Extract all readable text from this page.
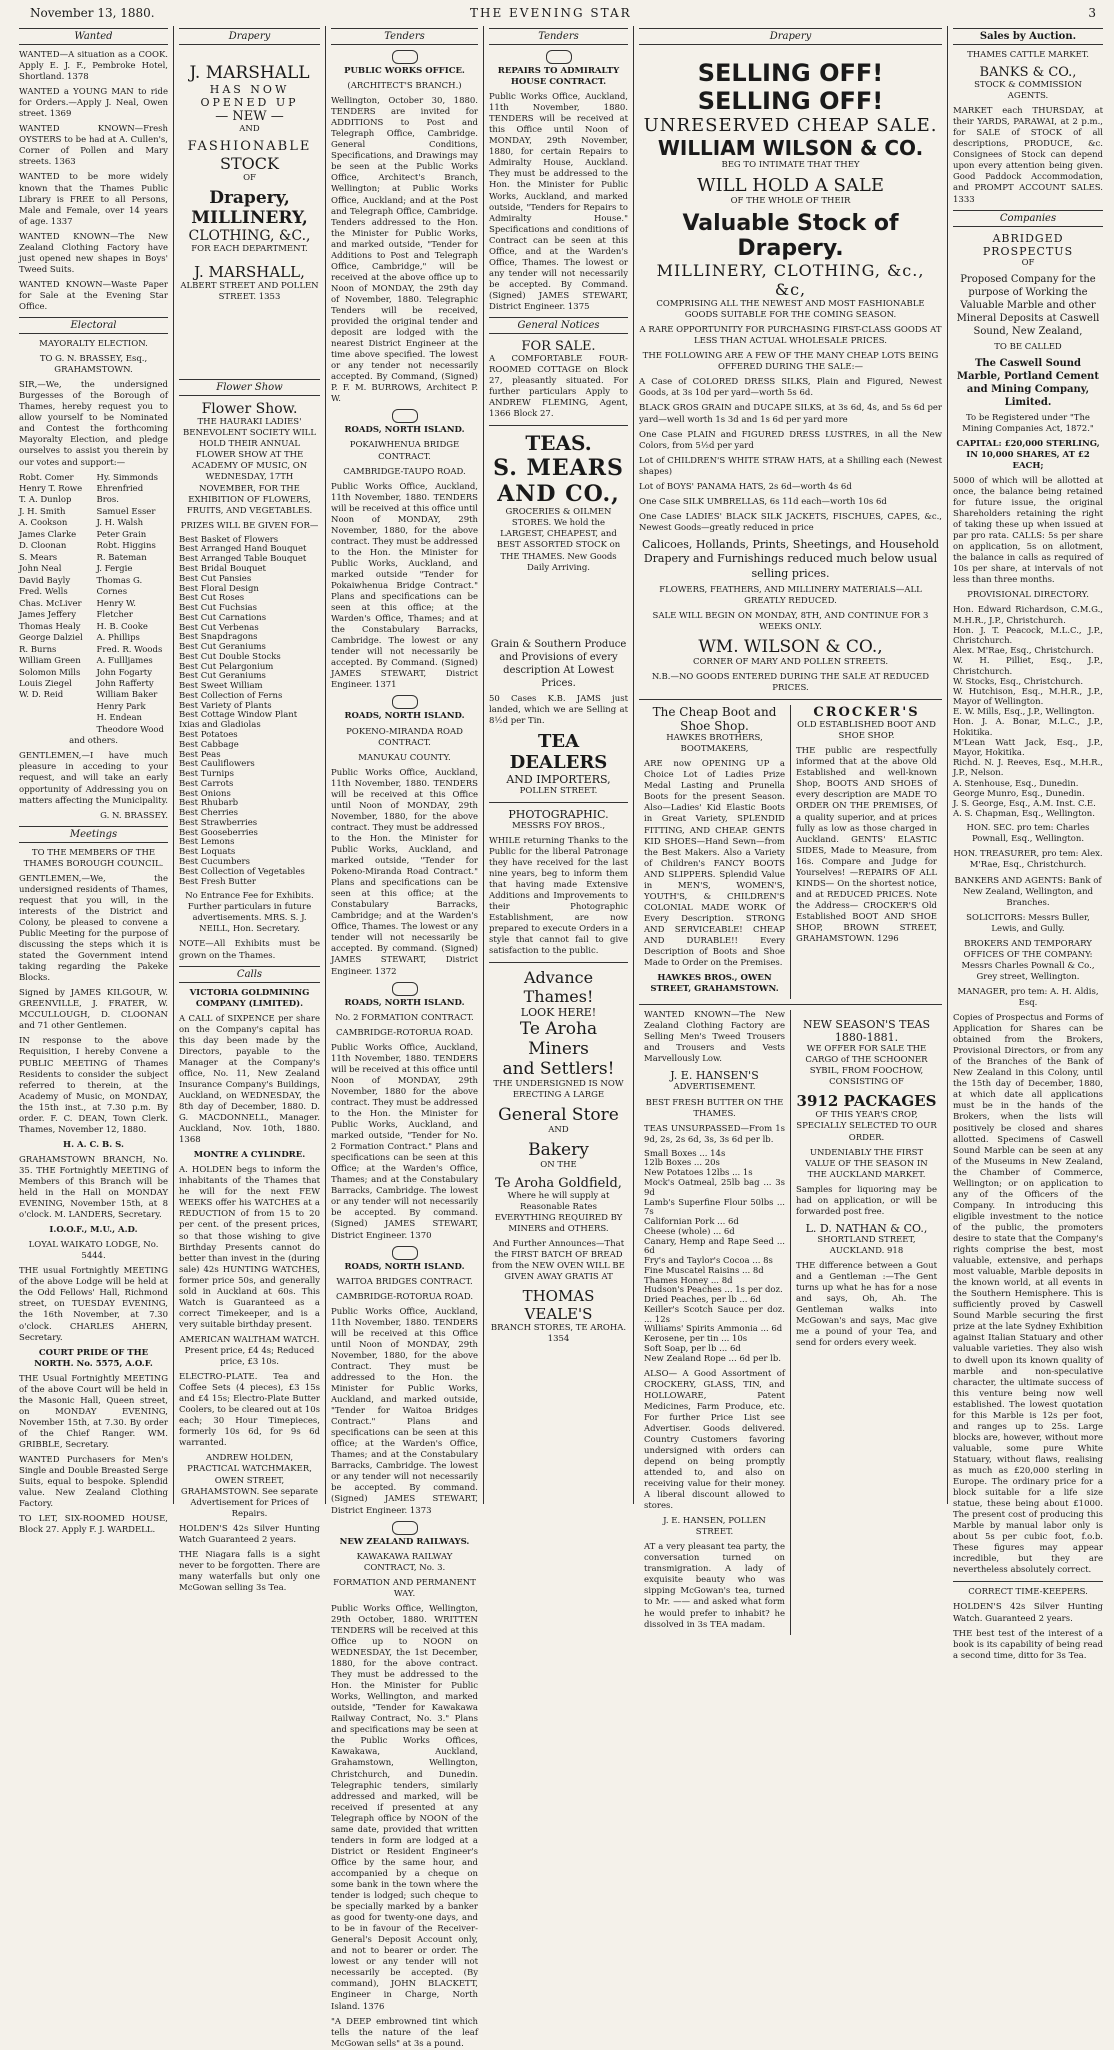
November 13, 1880.	THE EVENING STAR	3
Wanted

WANTED—A situation as a COOK. Apply E. J. F., Pembroke Hotel, Shortland. 1378

WANTED a YOUNG MAN to ride for Orders.—Apply J. Neal, Owen street. 1369

WANTED KNOWN—Fresh OYSTERS to be had at A. Cullen's, Corner of Pollen and Mary streets. 1363

WANTED to be more widely known that the Thames Public Library is FREE to all Persons, Male and Female, over 14 years of age. 1337

WANTED KNOWN—The New Zealand Clothing Factory have just opened new shapes in Boys' Tweed Suits.

WANTED KNOWN—Waste Paper for Sale at the Evening Star Office.

Electoral

MAYORALTY ELECTION.

TO G. N. BRASSEY, Esq., GRAHAMSTOWN.

SIR,—We, the undersigned Burgesses of the Borough of Thames, hereby request you to allow yourself to be Nominated and Contest the forthcoming Mayoralty Election, and pledge ourselves to assist you therein by our votes and support:—

Robt. Comer
Henry T. Rowe
T. A. Dunlop
J. H. Smith
A. Cookson
James Clarke
D. Cloonan
S. Mears
John Neal
David Bayly
Fred. Wells
Chas. McLiver
James Jeffery
Thomas Healy
George Dalziel
R. Burns
William Green
Solomon Mills
Louis Ziegel
W. D. Reid
Hy. Simmonds
Ehrenfried Bros.
Samuel Esser
J. H. Walsh
Peter Grain
Robt. Higgins
R. Bateman
J. Fergie
Thomas G. Cornes
Henry W. Fletcher
H. B. Cooke
A. Phillips
Fred. R. Woods
A. Fullljames
John Fogarty
John Rafferty
William Baker
Henry Park
H. Endean
Theodore Wood

and others.

GENTLEMEN,—I have much pleasure in acceding to your request, and will take an early opportunity of Addressing you on matters affecting the Municipality.

G. N. BRASSEY.

Meetings

TO THE MEMBERS OF THE THAMES BOROUGH COUNCIL.

GENTLEMEN,—We, the undersigned residents of Thames, request that you will, in the interests of the District and Colony, be pleased to convene a Public Meeting for the purpose of discussing the steps which it is stated the Government intend taking regarding the Pakeke Blocks.

Signed by JAMES KILGOUR, W. GREENVILLE, J. FRATER, W. MCCULLOUGH, D. CLOONAN and 71 other Gentlemen.

IN response to the above Requisition, I hereby Convene a PUBLIC MEETING of Thames Residents to consider the subject referred to therein, at the Academy of Music, on MONDAY, the 15th inst., at 7.30 p.m. By order. F. C. DEAN, Town Clerk. Thames, November 12, 1880.

H. A. C. B. S.

GRAHAMSTOWN BRANCH, No. 35. THE Fortnightly MEETING of Members of this Branch will be held in the Hall on MONDAY EVENING, November 15th, at 8 o'clock. M. LANDERS, Secretary.

I.O.O.F., M.U., A.D.

LOYAL WAIKATO LODGE, No. 5444.

THE usual Fortnightly MEETING of the above Lodge will be held at the Odd Fellows' Hall, Richmond street, on TUESDAY EVENING, the 16th November, at 7.30 o'clock. CHARLES AHERN, Secretary.

COURT PRIDE OF THE NORTH. No. 5575, A.O.F.

THE Usual Fortnightly MEETING of the above Court will be held in the Masonic Hall, Queen street, on MONDAY EVENING, November 15th, at 7.30. By order of the Chief Ranger. WM. GRIBBLE, Secretary.

WANTED Purchasers for Men's Single and Double Breasted Serge Suits, equal to bespoke. Splendid value. New Zealand Clothing Factory.

TO LET, SIX-ROOMED HOUSE, Block 27. Apply F. J. WARDELL.

Drapery
J. MARSHALL
HAS NOW OPENED UP
— NEW —
AND
FASHIONABLE
STOCK
OF
Drapery,
MILLINERY,
CLOTHING, &C.,
FOR EACH DEPARTMENT.
J. MARSHALL,

ALBERT STREET AND POLLEN STREET. 1353

Flower Show
Flower Show.

THE HAURAKI LADIES' BENEVOLENT SOCIETY WILL HOLD THEIR ANNUAL FLOWER SHOW AT THE ACADEMY OF MUSIC, ON WEDNESDAY, 17TH NOVEMBER, FOR THE EXHIBITION OF FLOWERS, FRUITS, AND VEGETABLES.

PRIZES WILL BE GIVEN FOR—

Best Basket of Flowers
Best Arranged Hand Bouquet
Best Arranged Table Bouquet
Best Bridal Bouquet
Best Cut Pansies
Best Floral Design
Best Cut Roses
Best Cut Fuchsias
Best Cut Carnations
Best Cut Verbenas
Best Snapdragons
Best Cut Geraniums
Best Cut Double Stocks
Best Cut Pelargonium
Best Cut Geraniums
Best Sweet William
Best Collection of Ferns
Best Variety of Plants
Best Cottage Window Plant
Ixias and Gladiolas
Best Potatoes
Best Cabbage
Best Peas
Best Cauliflowers
Best Turnips
Best Carrots
Best Onions
Best Rhubarb
Best Cherries
Best Strawberries
Best Gooseberries
Best Lemons
Best Loquats
Best Cucumbers
Best Collection of Vegetables
Best Fresh Butter

No Entrance Fee for Exhibits. Further particulars in future advertisements. MRS. S. J. NEILL, Hon. Secretary.

NOTE—All Exhibits must be grown on the Thames.

Calls

VICTORIA GOLDMINING COMPANY (LIMITED).

A CALL of SIXPENCE per share on the Company's capital has this day been made by the Directors, payable to the Manager at the Company's office, No. 11, New Zealand Insurance Company's Buildings, Auckland, on WEDNESDAY, the 8th day of December, 1880. D. G. MACDONNELL, Manager. Auckland, Nov. 10th, 1880. 1368

MONTRE A CYLINDRE.

A. HOLDEN begs to inform the inhabitants of the Thames that he will for the next FEW WEEKS offer his WATCHES at a REDUCTION of from 15 to 20 per cent. of the present prices, so that those wishing to give Birthday Presents cannot do better than invest in the (during sale) 42s HUNTING WATCHES, former price 50s, and generally sold in Auckland at 60s. This Watch is Guaranteed as a correct Timekeeper, and is a very suitable birthday present.

AMERICAN WALTHAM WATCH. Present price, £4 4s; Reduced price, £3 10s.

ELECTRO-PLATE. Tea and Coffee Sets (4 pieces), £3 15s and £4 15s; Electro-Plate Butter Coolers, to be cleared out at 10s each; 30 Hour Timepieces, formerly 10s 6d, for 9s 6d warranted.

ANDREW HOLDEN, PRACTICAL WATCHMAKER, OWEN STREET, GRAHAMSTOWN. See separate Advertisement for Prices of Repairs.

HOLDEN'S 42s Silver Hunting Watch Guaranteed 2 years.

THE Niagara falls is a sight never to be forgotten. There are many waterfalls but only one McGowan selling 3s Tea.

Tenders

PUBLIC WORKS OFFICE.

(ARCHITECT'S BRANCH.)

Wellington, October 30, 1880. TENDERS are invited for ADDITIONS to Post and Telegraph Office, Cambridge. General Conditions, Specifications, and Drawings may be seen at the Public Works Office, Architect's Branch, Wellington; at Public Works Office, Auckland; and at the Post and Telegraph Office, Cambridge. Tenders addressed to the Hon. the Minister for Public Works, and marked outside, "Tender for Additions to Post and Telegraph Office, Cambridge," will be received at the above office up to Noon of MONDAY, the 29th day of November, 1880. Telegraphic Tenders will be received, provided the original tender and deposit are lodged with the nearest District Engineer at the time above specified. The lowest or any tender not necessarily accepted. By Command, (Signed) P. F. M. BURROWS, Architect P. W.

ROADS, NORTH ISLAND.

POKAIWHENUA BRIDGE CONTRACT.

CAMBRIDGE-TAUPO ROAD.

Public Works Office, Auckland, 11th November, 1880. TENDERS will be received at this office until Noon of MONDAY, 29th November, 1880, for the above contract. They must be addressed to the Hon. the Minister for Public Works, Auckland, and marked outside "Tender for Pokaiwhenua Bridge Contract." Plans and specifications can be seen at this office; at the Warden's Office, Thames; and at the Constabulary Barracks, Cambridge. The lowest or any tender will not necessarily be accepted. By Command. (Signed) JAMES STEWART, District Engineer. 1371

ROADS, NORTH ISLAND.

POKENO-MIRANDA ROAD CONTRACT.

MANUKAU COUNTY.

Public Works Office, Auckland, 11th November, 1880. TENDERS will be received at this Office until Noon of MONDAY, 29th November, 1880, for the above contract. They must be addressed to the Hon. the Minister for Public Works, Auckland, and marked outside, "Tender for Pokeno-Miranda Road Contract." Plans and specifications can be seen at this office; at the Constabulary Barracks, Cambridge; and at the Warden's Office, Thames. The lowest or any tender will not necessarily be accepted. By command. (Signed) JAMES STEWART, District Engineer. 1372

ROADS, NORTH ISLAND.

No. 2 FORMATION CONTRACT.

CAMBRIDGE-ROTORUA ROAD.

Public Works Office, Auckland, 11th November, 1880. TENDERS will be received at this office until Noon of MONDAY, 29th November, 1880 for the above contract. They must be addressed to the Hon. the Minister for Public Works, Auckland, and marked outside, "Tender for No. 2 Formation Contract." Plans and specifications can be seen at this Office; at the Warden's Office, Thames; and at the Constabulary Barracks, Cambridge. The lowest or any tender will not necessarily be accepted. By command. (Signed) JAMES STEWART, District Engineer. 1370

ROADS, NORTH ISLAND.

WAITOA BRIDGES CONTRACT.

CAMBRIDGE-ROTORUA ROAD.

Public Works Office, Auckland, 11th November, 1880. TENDERS will be received at this Office until Noon of MONDAY, 29th November, 1880, for the above Contract. They must be addressed to the Hon. the Minister for Public Works, Auckland, and marked outside, "Tender for Waitoa Bridges Contract." Plans and specifications can be seen at this office; at the Warden's Office, Thames; and at the Constabulary Barracks, Cambridge. The lowest or any tender will not necessarily be accepted. By command. (Signed) JAMES STEWART, District Engineer. 1373

NEW ZEALAND RAILWAYS.

KAWAKAWA RAILWAY CONTRACT, No. 3.

FORMATION AND PERMANENT WAY.

Public Works Office, Wellington, 29th October, 1880. WRITTEN TENDERS will be received at this Office up to NOON on WEDNESDAY, the 1st December, 1880, for the above contract. They must be addressed to the Hon. the Minister for Public Works, Wellington, and marked outside, "Tender for Kawakawa Railway Contract, No. 3." Plans and specifications may be seen at the Public Works Offices, Kawakawa, Auckland, Grahamstown, Wellington, Christchurch, and Dunedin. Telegraphic tenders, similarly addressed and marked, will be received if presented at any Telegraph office by NOON of the same date, provided that written tenders in form are lodged at a District or Resident Engineer's Office by the same hour, and accompanied by a cheque on some bank in the town where the tender is lodged; such cheque to be specially marked by a banker as good for twenty-one days, and to be in favour of the Receiver-General's Deposit Account only, and not to bearer or order. The lowest or any tender will not necessarily be accepted. (By command), JOHN BLACKETT, Engineer in Charge, North Island. 1376

"A DEEP embrowned tint which tells the nature of the leaf McGowan sells" at 3s a pound.

Tenders

REPAIRS TO ADMIRALTY HOUSE CONTRACT.

Public Works Office, Auckland, 11th November, 1880. TENDERS will be received at this Office until Noon of MONDAY, 29th November, 1880, for certain Repairs to Admiralty House, Auckland. They must be addressed to the Hon. the Minister for Public Works, Auckland, and marked outside, "Tenders for Repairs to Admiralty House." Specifications and conditions of Contract can be seen at this Office, and at the Warden's Office, Thames. The lowest or any tender will not necessarily be accepted. By Command. (Signed) JAMES STEWART, District Engineer. 1375

General Notices
FOR SALE.

A COMFORTABLE FOUR-ROOMED COTTAGE on Block 27, pleasantly situated. For further particulars Apply to ANDREW FLEMING, Agent, 1366 Block 27.

TEAS.
S. MEARS AND CO.,

GROCERIES & OILMEN STORES. We hold the LARGEST, CHEAPEST, and BEST ASSORTED STOCK on THE THAMES. New Goods Daily Arriving.

Grain & Southern Produce and Provisions of every description At Lowest Prices.

50 Cases K.B. JAMS just landed, which we are Selling at 8½d per Tin.

TEA DEALERS
AND IMPORTERS,

POLLEN STREET.

PHOTOGRAPHIC.

MESSRS FOY BROS.,

WHILE returning Thanks to the Public for the liberal Patronage they have received for the last nine years, beg to inform them that having made Extensive Additions and Improvements to their Photographic Establishment, are now prepared to execute Orders in a style that cannot fail to give satisfaction to the public.

Advance Thames!
LOOK HERE!
Te Aroha
Miners
and Settlers!

THE UNDERSIGNED IS NOW ERECTING A LARGE

General Store
AND
Bakery
ON THE
Te Aroha Goldfield,

Where he will supply at Reasonable Rates EVERYTHING REQUIRED BY MINERS and OTHERS.

And Further Announces—That the FIRST BATCH OF BREAD from the NEW OVEN WILL BE GIVEN AWAY GRATIS AT

THOMAS VEALE'S

BRANCH STORES, TE AROHA. 1354

Drapery
SELLING OFF! SELLING OFF!
UNRESERVED CHEAP SALE.
WILLIAM WILSON & CO.

BEG TO INTIMATE THAT THEY

WILL HOLD A SALE

OF THE WHOLE OF THEIR

Valuable Stock of Drapery.
MILLINERY, CLOTHING, &c., &c,

COMPRISING ALL THE NEWEST AND MOST FASHIONABLE GOODS SUITABLE FOR THE COMING SEASON.

A RARE OPPORTUNITY FOR PURCHASING FIRST-CLASS GOODS AT LESS THAN ACTUAL WHOLESALE PRICES.

THE FOLLOWING ARE A FEW OF THE MANY CHEAP LOTS BEING OFFERED DURING THE SALE:—

A Case of COLORED DRESS SILKS, Plain and Figured, Newest Goods, at 3s 10d per yard—worth 5s 6d.

BLACK GROS GRAIN and DUCAPE SILKS, at 3s 6d, 4s, and 5s 6d per yard—well worth 1s 3d and 1s 6d per yard more

One Case PLAIN and FIGURED DRESS LUSTRES, in all the New Colors, from 5½d per yard

Lot of CHILDREN'S WHITE STRAW HATS, at a Shilling each (Newest shapes)

Lot of BOYS' PANAMA HATS, 2s 6d—worth 4s 6d

One Case SILK UMBRELLAS, 6s 11d each—worth 10s 6d

One Case LADIES' BLACK SILK JACKETS, FISCHUES, CAPES, &c., Newest Goods—greatly reduced in price

Calicoes, Hollands, Prints, Sheetings, and Household Drapery and Furnishings reduced much below usual selling prices.

FLOWERS, FEATHERS, AND MILLINERY MATERIALS—ALL GREATLY REDUCED.

SALE WILL BEGIN ON MONDAY, 8TH, AND CONTINUE FOR 3 WEEKS ONLY.

WM. WILSON & CO.,

CORNER OF MARY AND POLLEN STREETS.

N.B.—NO GOODS ENTERED DURING THE SALE AT REDUCED PRICES.

The Cheap Boot and Shoe Shop.

HAWKES BROTHERS, BOOTMAKERS,

ARE now OPENING UP a Choice Lot of Ladies Prize Medal Lasting and Prunella Boots for the present Season. Also—Ladies' Kid Elastic Boots in Great Variety, SPLENDID FITTING, AND CHEAP. GENTS KID SHOES—Hand Sewn—from the Best Makers. Also a Variety of Children's FANCY BOOTS AND SLIPPERS. Splendid Value in MEN'S, WOMEN'S, YOUTH'S, & CHILDREN'S COLONIAL MADE WORK Of Every Description. STRONG AND SERVICEABLE! CHEAP AND DURABLE!! Every Description of Boots and Shoe Made to Order on the Premises.

HAWKES BROS., OWEN STREET, GRAHAMSTOWN.

CROCKER'S

OLD ESTABLISHED BOOT AND SHOE SHOP.

THE public are respectfully informed that at the above Old Established and well-known Shop, BOOTS AND SHOES of every description are MADE TO ORDER ON THE PREMISES, Of a quality superior, and at prices fully as low as those charged in Auckland. GENTS' ELASTIC SIDES, Made to Measure, from 16s. Compare and Judge for Yourselves! —REPAIRS OF ALL KINDS— On the shortest notice, and at REDUCED PRICES. Note the Address— CROCKER'S Old Established BOOT AND SHOE SHOP, BROWN STREET, GRAHAMSTOWN. 1296

WANTED KNOWN—The New Zealand Clothing Factory are Selling Men's Tweed Trousers and Trousers and Vests Marvellously Low.

J. E. HANSEN'S

ADVERTISEMENT.

BEST FRESH BUTTER ON THE THAMES.

TEAS UNSURPASSED—From 1s 9d, 2s, 2s 6d, 3s, 3s 6d per lb.

Small Boxes ... 14s
12lb Boxes ... 20s
New Potatoes 12lbs ... 1s
Mock's Oatmeal, 25lb bag ... 3s 9d
Lamb's Superfine Flour 50lbs ... 7s
Californian Pork ... 6d
Cheese (whole) ... 6d
Canary, Hemp and Rape Seed ... 6d
Fry's and Taylor's Cocoa ... 8s
Fine Muscatel Raisins ... 8d
Thames Honey ... 8d
Hudson's Peaches ... 1s per doz.
Dried Peaches, per lb ... 6d
Keiller's Scotch Sauce per doz. ... 12s
Williams' Spirits Ammonia ... 6d
Kerosene, per tin ... 10s
Soft Soap, per lb ... 6d
New Zealand Rope ... 6d per lb.

ALSO— A Good Assortment of CROCKERY, GLASS, TIN, and HOLLOWARE, Patent Medicines, Farm Produce, etc. For further Price List see Advertiser. Goods delivered. Country Customers favoring undersigned with orders can depend on being promptly attended to, and also on receiving value for their money. A liberal discount allowed to stores.

J. E. HANSEN, POLLEN STREET.

AT a very pleasant tea party, the conversation turned on transmigration. A lady of exquisite beauty who was sipping McGowan's tea, turned to Mr. —— and asked what form he would prefer to inhabit? he dissolved in 3s TEA madam.

NEW SEASON'S TEAS
1880-1881.

WE OFFER FOR SALE THE CARGO of THE SCHOONER SYBIL, FROM FOOCHOW, CONSISTING OF

3912 PACKAGES

OF THIS YEAR'S CROP, SPECIALLY SELECTED TO OUR ORDER.

UNDENIABLY THE FIRST VALUE OF THE SEASON IN THE AUCKLAND MARKET.

Samples for liquoring may be had on application, or will be forwarded post free.

L. D. NATHAN & CO.,

SHORTLAND STREET, AUCKLAND. 918

THE difference between a Gout and a Gentleman :—The Gent turns up what he has for a nose and says, Oh, Ah. The Gentleman walks into McGowan's and says, Mac give me a pound of your Tea, and send for orders every week.

Sales by Auction.

THAMES CATTLE MARKET.

BANKS & CO.,

STOCK & COMMISSION AGENTS.

MARKET each THURSDAY, at their YARDS, PARAWAI, at 2 p.m., for SALE of STOCK of all descriptions, PRODUCE, &c. Consignees of Stock can depend upon every attention being given. Good Paddock Accommodation, and PROMPT ACCOUNT SALES. 1333

Companies
ABRIDGED PROSPECTUS

OF

Proposed Company for the purpose of Working the Valuable Marble and other Mineral Deposits at Caswell Sound, New Zealand,

TO BE CALLED

The Caswell Sound Marble, Portland Cement and Mining Company, Limited.

To be Registered under "The Mining Companies Act, 1872."

CAPITAL: £20,000 STERLING, IN 10,000 SHARES, AT £2 EACH;

5000 of which will be allotted at once, the balance being retained for future issue, the original Shareholders retaining the right of taking these up when issued at par pro rata. CALLS: 5s per share on application, 5s on allotment, the balance in calls as required of 10s per share, at intervals of not less than three months.

PROVISIONAL DIRECTORY.

Hon. Edward Richardson, C.M.G., M.H.R., J.P., Christchurch.
Hon. J. T. Peacock, M.L.C., J.P., Christchurch.
Alex. M'Rae, Esq., Christchurch.
W. H. Pilliet, Esq., J.P., Christchurch.
W. Stocks, Esq., Christchurch.
W. Hutchison, Esq., M.H.R., J.P., Mayor of Wellington.
E. W. Mills, Esq., J.P., Wellington.
Hon. J. A. Bonar, M.L.C., J.P., Hokitika.
M'Lean Watt Jack, Esq., J.P., Mayor, Hokitika.
Richd. N. J. Reeves, Esq., M.H.R., J.P., Nelson.
A. Stenhouse, Esq., Dunedin.
George Munro, Esq., Dunedin.
J. S. George, Esq., A.M. Inst. C.E.
A. S. Chapman, Esq., Wellington.

HON. SEC. pro tem: Charles Pownall, Esq., Wellington.

HON. TREASURER, pro tem: Alex. M'Rae, Esq., Christchurch.

BANKERS AND AGENTS: Bank of New Zealand, Wellington, and Branches.

SOLICITORS: Messrs Buller, Lewis, and Gully.

BROKERS AND TEMPORARY OFFICES OF THE COMPANY: Messrs Charles Pownall & Co., Grey street, Wellington.

MANAGER, pro tem: A. H. Aldis, Esq.

Copies of Prospectus and Forms of Application for Shares can be obtained from the Brokers, Provisional Directors, or from any of the Branches of the Bank of New Zealand in this Colony, until the 15th day of December, 1880, at which date all applications must be in the hands of the Brokers, when the lists will positively be closed and shares allotted. Specimens of Caswell Sound Marble can be seen at any of the Museums in New Zealand, the Chamber of Commerce, Wellington; or on application to any of the Officers of the Company. In introducing this eligible investment to the notice of the public, the promoters desire to state that the Company's rights comprise the best, most valuable, extensive, and perhaps most valuable, Marble deposits in the known world, at all events in the Southern Hemisphere. This is sufficiently proved by Caswell Sound Marble securing the first prize at the late Sydney Exhibition against Italian Statuary and other valuable varieties. They also wish to dwell upon its known quality of marble and non-speculative character, the ultimate success of this venture being now well established. The lowest quotation for this Marble is 12s per foot, and ranges up to 25s. Large blocks are, however, without more valuable, some pure White Statuary, without flaws, realising as much as £20,000 sterling in Europe. The ordinary price for a block suitable for a life size statue, these being about £1000. The present cost of producing this Marble by manual labor only is about 5s per cubic foot, f.o.b. These figures may appear incredible, but they are nevertheless absolutely correct.

CORRECT TIME-KEEPERS.

HOLDEN'S 42s Silver Hunting Watch. Guaranteed 2 years.

THE best test of the interest of a book is its capability of being read a second time, ditto for 3s Tea.
